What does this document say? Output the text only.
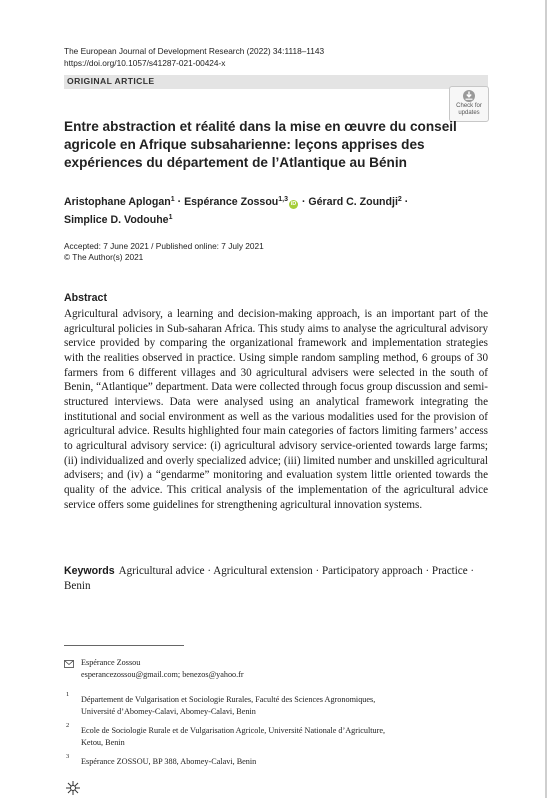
The European Journal of Development Research (2022) 34:1118–1143
https://doi.org/10.1057/s41287-021-00424-x
ORIGINAL ARTICLE
Check for
updates
Entre abstraction et réalité dans la mise en œuvre du conseil agricole en Afrique subsaharienne: leçons apprises des expériences du département de l’Atlantique au Bénin
Aristophane Aplogan$^1$ · Espérance Zossou$^{1,3}$iD · Gérard C. Zoundji$^2$ ·
Simplice D. Vodouhe$^1$
Accepted: 7 June 2021 / Published online: 7 July 2021
© The Author(s) 2021
Abstract
Agricultural advisory, a learning and decision-making approach, is an important part of the agricultural policies in Sub-saharan Africa. This study aims to analyse the agricultural advisory service provided by comparing the organizational framework and implementation strategies with the realities observed in practice. Using simple random sampling method, 6 groups of 30 farmers from 6 different villages and 30 agricultural advisers were selected in the south of Benin, “Atlantique” department. Data were collected through focus group discussion and semi-structured interviews. Data were analysed using an analytical framework integrating the institutional and social environment as well as the various modalities used for the provision of agricultural advice. Results highlighted four main categories of factors limiting farmers’ access to agricultural advisory service: (i) agricultural advisory service-oriented towards large farms; (ii) individualized and overly specialized advice; (iii) limited number and unskilled agricultural advisers; and (iv) a “gendarme” monitoring and evaluation system little oriented towards the quality of the advice. This critical analysis of the implementation of the agricultural advice service offers some guidelines for strengthening agricultural innovation systems.
Keywords Agricultural advice · Agricultural extension · Participatory approach · Practice · Benin
Espérance Zossou
esperancezossou@gmail.com; benezos@yahoo.fr
1
Département de Vulgarisation et Sociologie Rurales, Faculté des Sciences Agronomiques,
Université d’Abomey-Calavi, Abomey-Calavi, Benin
2
Ecole de Sociologie Rurale et de Vulgarisation Agricole, Université Nationale d’Agriculture,
Ketou, Benin
3
Espérance ZOSSOU, BP 388, Abomey-Calavi, Benin
